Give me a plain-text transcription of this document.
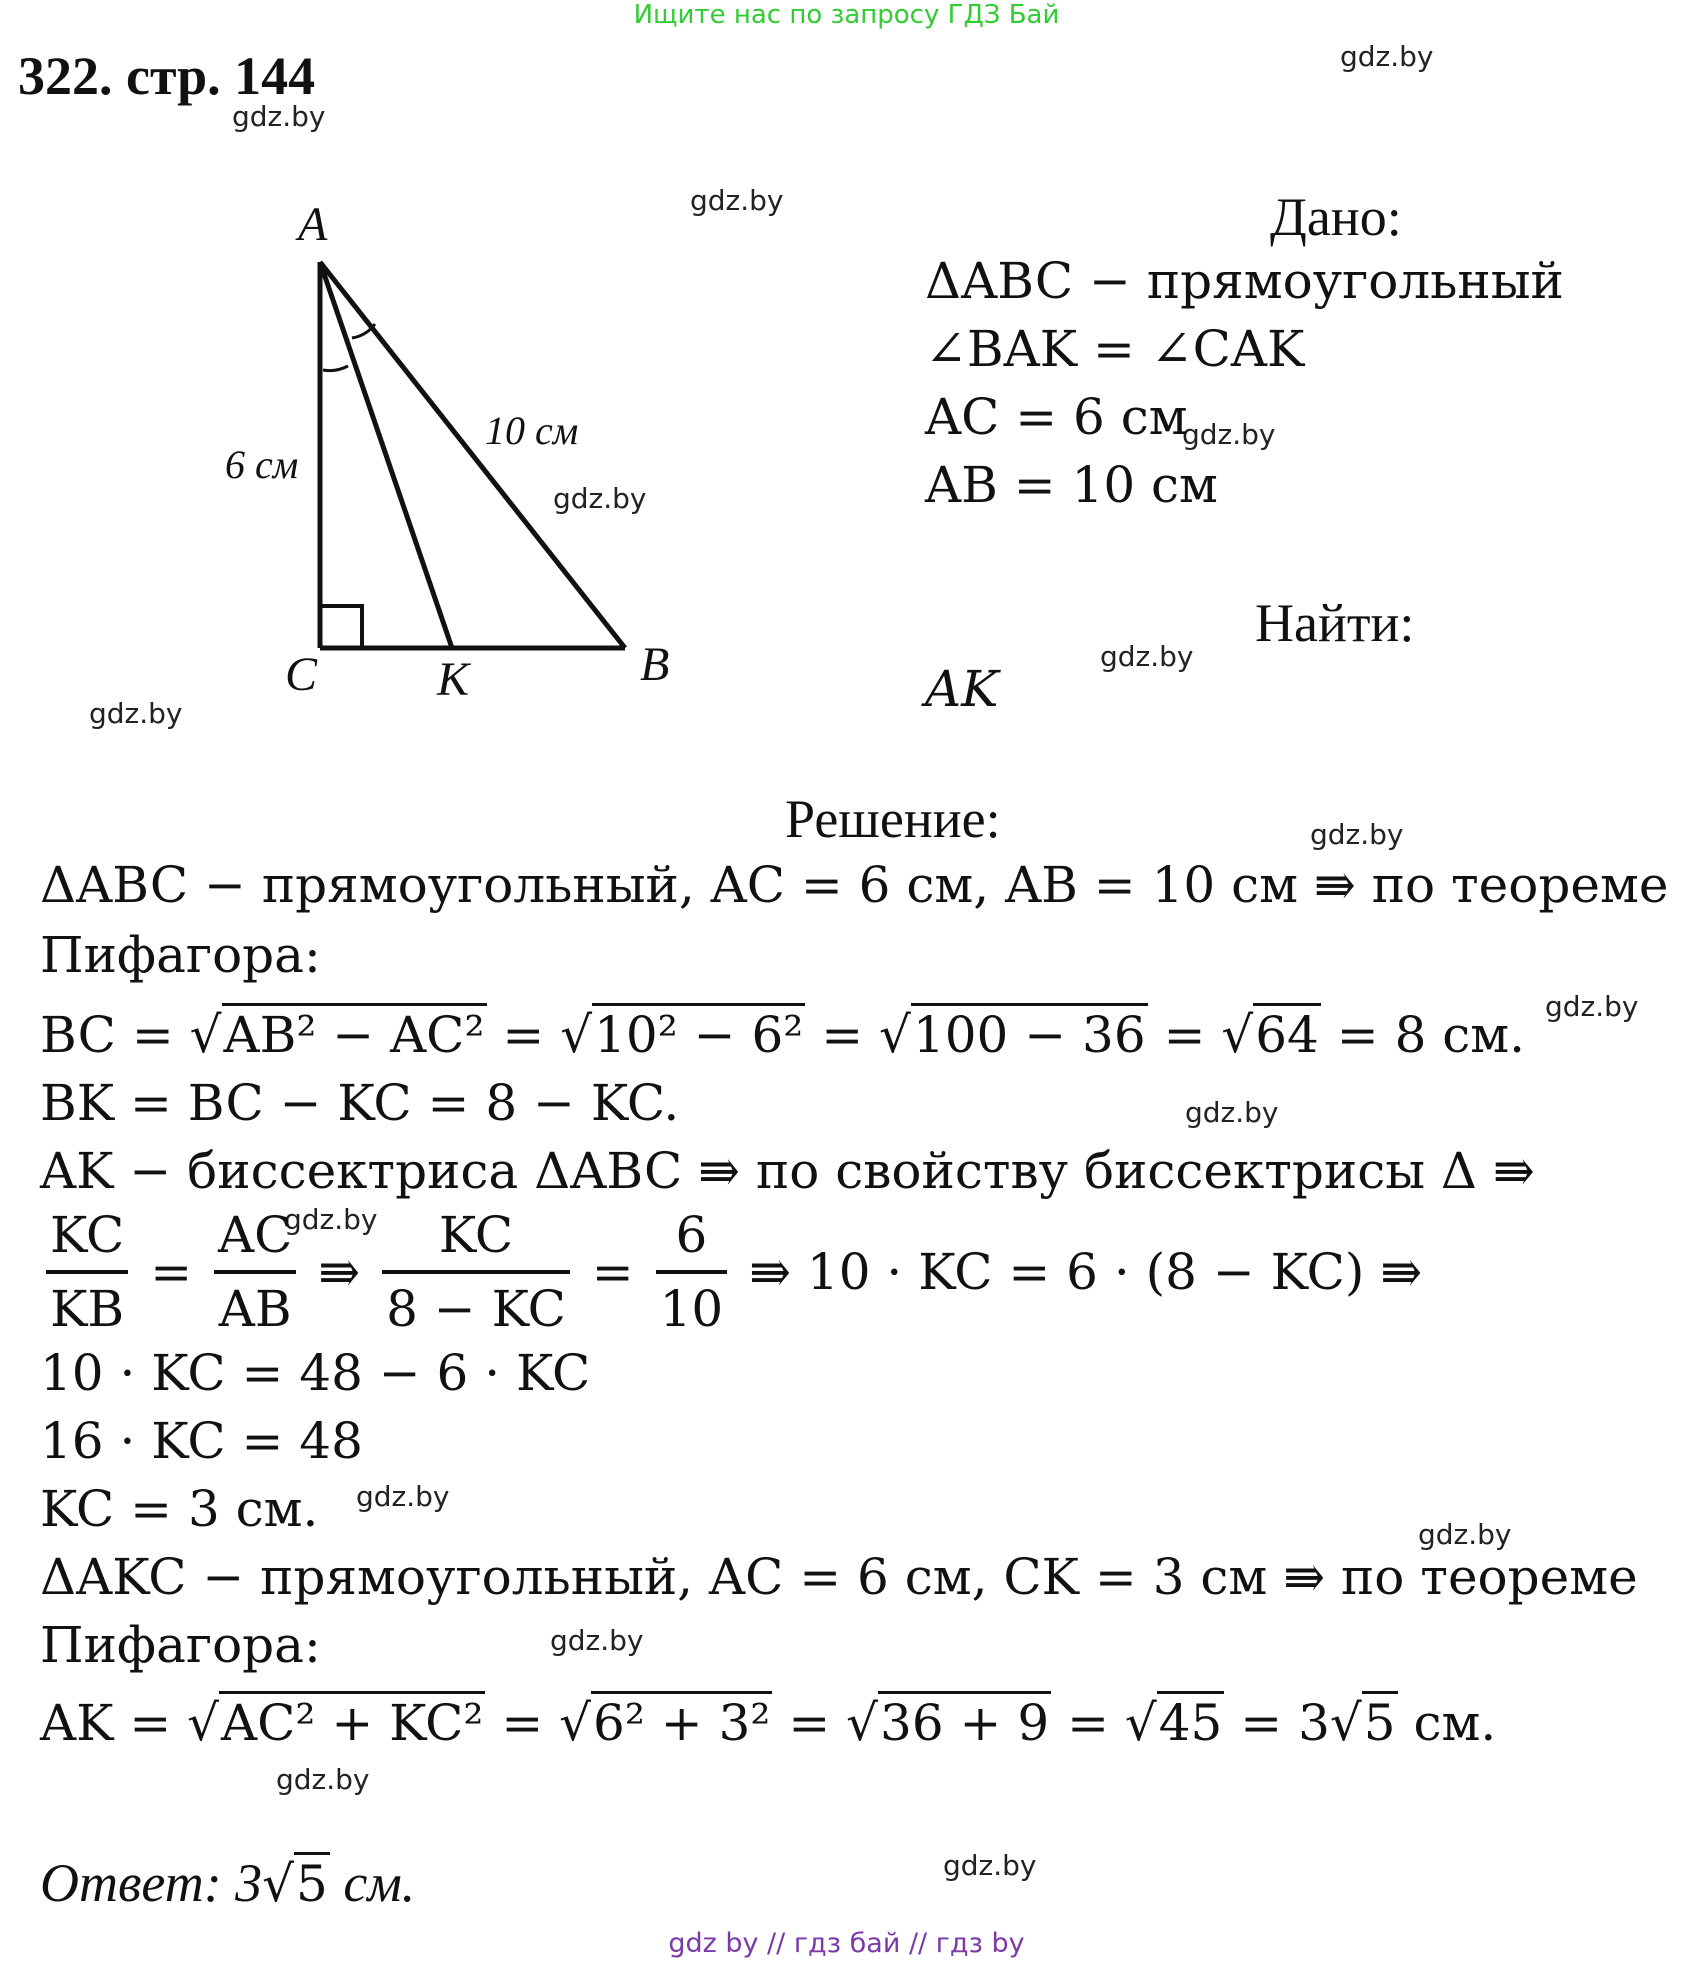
Ищите нас по запросу ГДЗ Бай
322. стр. 144	gdz.by
gdz.by
gdz.by
gdz.by
gdz.by
gdz.by
gdz.by
gdz.by
gdz.by
gdz.by
gdz.by
gdz.by
gdz.by
gdz.by
gdz.by
gdz.by
A
C K	B
6 см
10 см
Дано:
ΔABC − прямоугольный
∠BAK = ∠CAK
AC = 6 см
AB = 10 см
Найти:
AK
Решение:
ΔABC − прямоугольный, AC = 6 см, AB = 10 см ⇛ по теореме
Пифагора:
BC = √AB² − AC² = √10² − 6² = √100 − 36 = √64 = 8 см.
BK = BC − KC = 8 − KC.
AK − биссектриса ΔABC ⇛ по свойству биссектрисы Δ ⇛
$\frac{KC}{KB} = \frac{AC}{AB}$ ⇛ $\frac{KC}{8 - KC} = \frac{6}{10}$ ⇛ 10 · KC = 6 · (8 − KC) ⇛
10 · KC = 48 − 6 · KC
16 · KC = 48
KC = 3 см.
ΔAKC − прямоугольный, AC = 6 см, CK = 3 см ⇛ по теореме
Пифагора:
AK = √AC² + KC² = √6² + 3² = √36 + 9 = √45 = 3√5 см.
Ответ: 3√5 см.
gdz by // гдз бай // гдз by
